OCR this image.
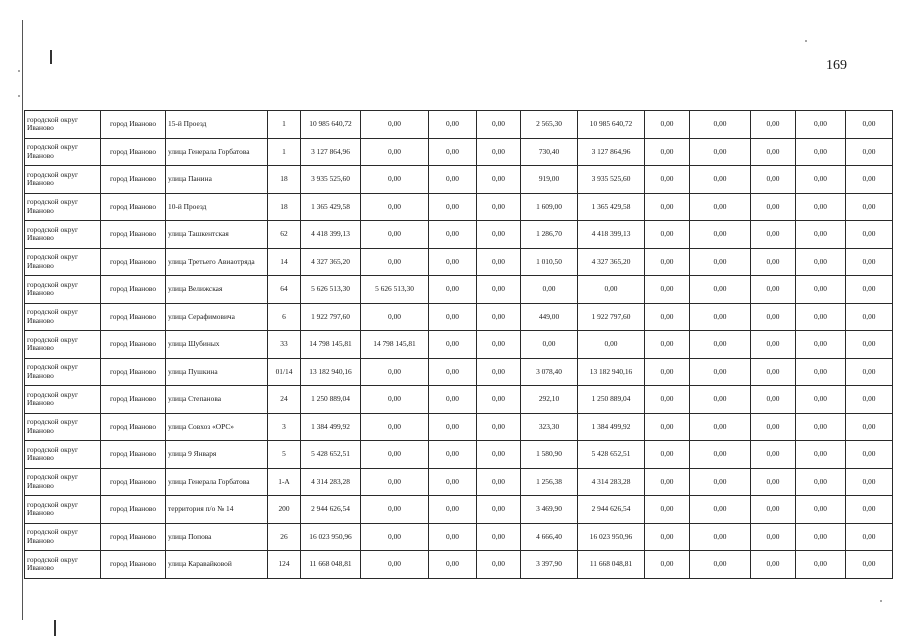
169
городской округ Иваново	город Иваново	15-й Проезд	1	10 985 640,72	0,00	0,00	0,00	2 565,30	10 985 640,72	0,00	0,00	0,00	0,00	0,00
городской округ Иваново	город Иваново	улица Генерала Горбатова	1	3 127 864,96	0,00	0,00	0,00	730,40	3 127 864,96	0,00	0,00	0,00	0,00	0,00
городской округ Иваново	город Иваново	улица Панина	18	3 935 525,60	0,00	0,00	0,00	919,00	3 935 525,60	0,00	0,00	0,00	0,00	0,00
городской округ Иваново	город Иваново	10-й Проезд	18	1 365 429,58	0,00	0,00	0,00	1 609,00	1 365 429,58	0,00	0,00	0,00	0,00	0,00
городской округ Иваново	город Иваново	улица Ташкентская	62	4 418 399,13	0,00	0,00	0,00	1 286,70	4 418 399,13	0,00	0,00	0,00	0,00	0,00
городской округ Иваново	город Иваново	улица Третьего Авиаотряда	14	4 327 365,20	0,00	0,00	0,00	1 010,50	4 327 365,20	0,00	0,00	0,00	0,00	0,00
городской округ Иваново	город Иваново	улица Велижская	64	5 626 513,30	5 626 513,30	0,00	0,00	0,00	0,00	0,00	0,00	0,00	0,00	0,00
городской округ Иваново	город Иваново	улица Серафимовича	6	1 922 797,60	0,00	0,00	0,00	449,00	1 922 797,60	0,00	0,00	0,00	0,00	0,00
городской округ Иваново	город Иваново	улица Шубиных	33	14 798 145,81	14 798 145,81	0,00	0,00	0,00	0,00	0,00	0,00	0,00	0,00	0,00
городской округ Иваново	город Иваново	улица Пушкина	01/14	13 182 940,16	0,00	0,00	0,00	3 078,40	13 182 940,16	0,00	0,00	0,00	0,00	0,00
городской округ Иваново	город Иваново	улица Степанова	24	1 250 889,04	0,00	0,00	0,00	292,10	1 250 889,04	0,00	0,00	0,00	0,00	0,00
городской округ Иваново	город Иваново	улица Совхоз «ОРС»	3	1 384 499,92	0,00	0,00	0,00	323,30	1 384 499,92	0,00	0,00	0,00	0,00	0,00
городской округ Иваново	город Иваново	улица 9 Января	5	5 428 652,51	0,00	0,00	0,00	1 580,90	5 428 652,51	0,00	0,00	0,00	0,00	0,00
городской округ Иваново	город Иваново	улица Генерала Горбатова	1-А	4 314 283,28	0,00	0,00	0,00	1 256,38	4 314 283,28	0,00	0,00	0,00	0,00	0,00
городской округ Иваново	город Иваново	территория п/о № 14	200	2 944 626,54	0,00	0,00	0,00	3 469,90	2 944 626,54	0,00	0,00	0,00	0,00	0,00
городской округ Иваново	город Иваново	улица Попова	26	16 023 950,96	0,00	0,00	0,00	4 666,40	16 023 950,96	0,00	0,00	0,00	0,00	0,00
городской округ Иваново	город Иваново	улица Каравайковой	124	11 668 048,81	0,00	0,00	0,00	3 397,90	11 668 048,81	0,00	0,00	0,00	0,00	0,00
